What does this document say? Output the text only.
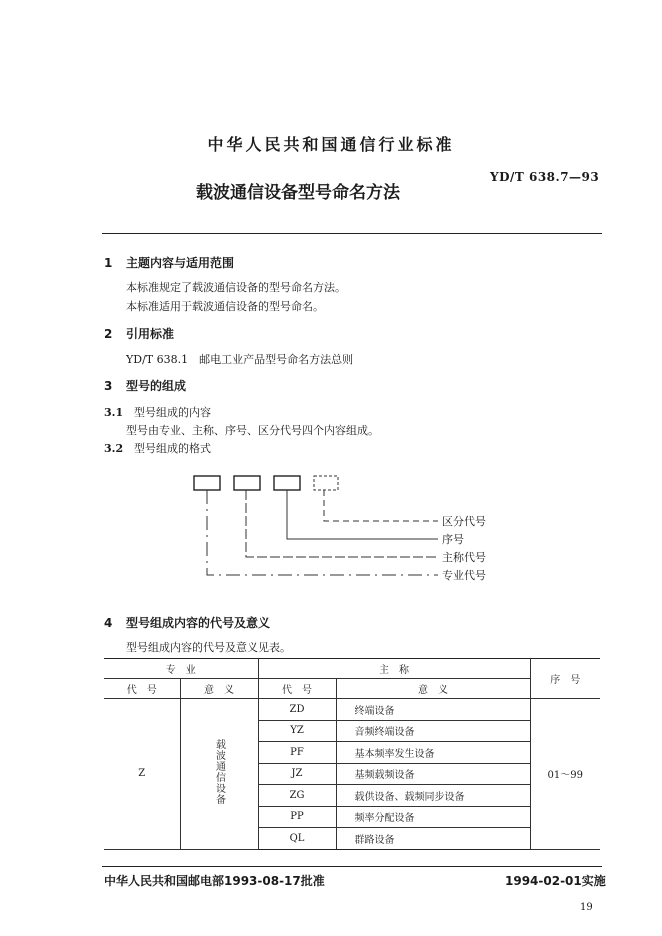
中华人民共和国通信行业标准
载波通信设备型号命名方法
YD/T 638.7—93
1 主题内容与适用范围
本标准规定了载波通信设备的型号命名方法。
本标准适用于载波通信设备的型号命名。
2 引用标准
YD/T 638.1　邮电工业产品型号命名方法总则
3 型号的组成
3.1 型号组成的内容
型号由专业、主称、序号、区分代号四个内容组成。
3.2 型号组成的格式
区分代号
序号
主称代号
专业代号
4 型号组成内容的代号及意义
型号组成内容的代号及意义见表。
专　业		主　称		序　号
代　号	意　义	代　号	意　义	
Z	载波通信设备	ZD	终端设备	01～99
		YZ	音频终端设备	
		PF	基本频率发生设备	
		JZ	基频载频设备	
		ZG	载供设备、载频同步设备	
		PP	频率分配设备	
		QL	群路设备	
中华人民共和国邮电部1993-08-17批准	1994-02-01实施
19
